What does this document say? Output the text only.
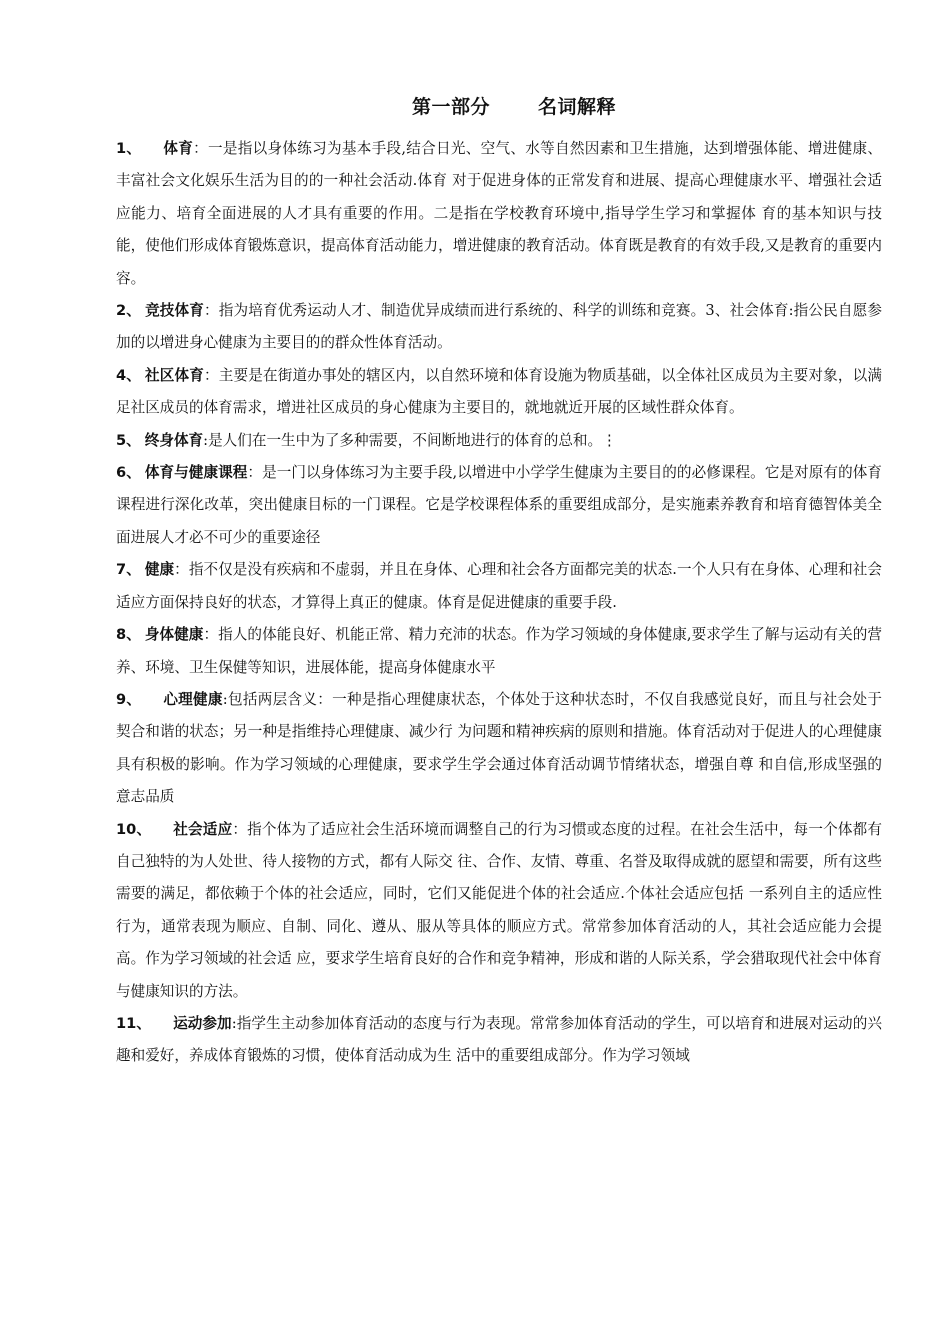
第一部分	名词解释

1、 体育：一是指以身体练习为基本手段,结合日光、空气、水等自然因素和卫生措施，达到增强体能、增进健康、丰富社会文化娱乐生活为目的的一种社会活动.体育 对于促进身体的正常发育和进展、提高心理健康水平、增强社会适应能力、培育全面进展的人才具有重要的作用。二是指在学校教育环境中,指导学生学习和掌握体 育的基本知识与技能，使他们形成体育锻炼意识，提高体育活动能力，增进健康的教育活动。体育既是教育的有效手段,又是教育的重要内容。

2、 竞技体育：指为培育优秀运动人才、制造优异成绩而进行系统的、科学的训练和竞赛。3、社会体育:指公民自愿参加的以增进身心健康为主要目的的群众性体育活动。

4、 社区体育：主要是在街道办事处的辖区内，以自然环境和体育设施为物质基础，以全体社区成员为主要对象，以满足社区成员的体育需求，增进社区成员的身心健康为主要目的，就地就近开展的区域性群众体育。

5、 终身体育:是人们在一生中为了多种需要，不间断地进行的体育的总和。⋮

6、 体育与健康课程：是一门以身体练习为主要手段,以增进中小学学生健康为主要目的的必修课程。它是对原有的体育课程进行深化改革，突出健康目标的一门课程。它是学校课程体系的重要组成部分，是实施素养教育和培育德智体美全面进展人才必不可少的重要途径

7、 健康：指不仅是没有疾病和不虚弱，并且在身体、心理和社会各方面都完美的状态.一个人只有在身体、心理和社会适应方面保持良好的状态，才算得上真正的健康。体育是促进健康的重要手段.

8、 身体健康：指人的体能良好、机能正常、精力充沛的状态。作为学习领域的身体健康,要求学生了解与运动有关的营养、环境、卫生保健等知识，进展体能，提高身体健康水平

9、 心理健康:包括两层含义：一种是指心理健康状态，个体处于这种状态时，不仅自我感觉良好，而且与社会处于契合和谐的状态；另一种是指维持心理健康、减少行 为问题和精神疾病的原则和措施。体育活动对于促进人的心理健康具有积极的影响。作为学习领域的心理健康，要求学生学会通过体育活动调节情绪状态，增强自尊 和自信,形成坚强的意志品质

10、 社会适应：指个体为了适应社会生活环境而调整自己的行为习惯或态度的过程。在社会生活中，每一个体都有自己独特的为人处世、待人接物的方式，都有人际交 往、合作、友情、尊重、名誉及取得成就的愿望和需要，所有这些需要的满足，都依赖于个体的社会适应，同时，它们又能促进个体的社会适应.个体社会适应包括 一系列自主的适应性行为，通常表现为顺应、自制、同化、遵从、服从等具体的顺应方式。常常参加体育活动的人，其社会适应能力会提高。作为学习领域的社会适 应，要求学生培育良好的合作和竞争精神，形成和谐的人际关系，学会猎取现代社会中体育与健康知识的方法。

11、 运动参加:指学生主动参加体育活动的态度与行为表现。常常参加体育活动的学生，可以培育和进展对运动的兴趣和爱好，养成体育锻炼的习惯，使体育活动成为生 活中的重要组成部分。作为学习领域
